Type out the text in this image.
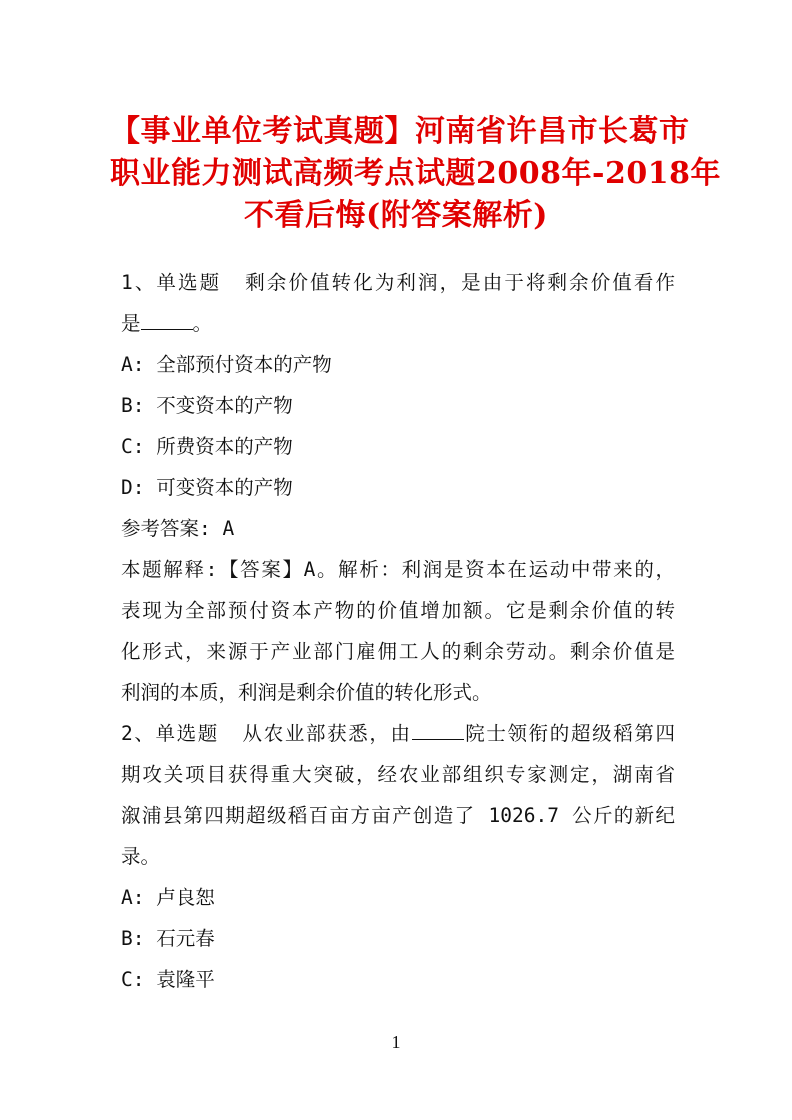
【事业单位考试真题】河南省许昌市长葛市
职业能力测试高频考点试题2008年-2018年
不看后悔(附答案解析)
1、单选题 剩余价值转化为利润，是由于将剩余价值看作
是	。
A: 全部预付资本的产物
B: 不变资本的产物
C: 所费资本的产物
D: 可变资本的产物
参考答案: A
本题解释:【答案】A。解析：利润是资本在运动中带来的，
表现为全部预付资本产物的价值增加额。它是剩余价值的转
化形式，来源于产业部门雇佣工人的剩余劳动。剩余价值是
利润的本质，利润是剩余价值的转化形式。
2、单选题 从农业部获悉，由	院士领衔的超级稻第四
期攻关项目获得重大突破，经农业部组织专家测定，湖南省
溆浦县第四期超级稻百亩方亩产创造了 1026.7 公斤的新纪
录。
A: 卢良恕
B: 石元春
C: 袁隆平
1
